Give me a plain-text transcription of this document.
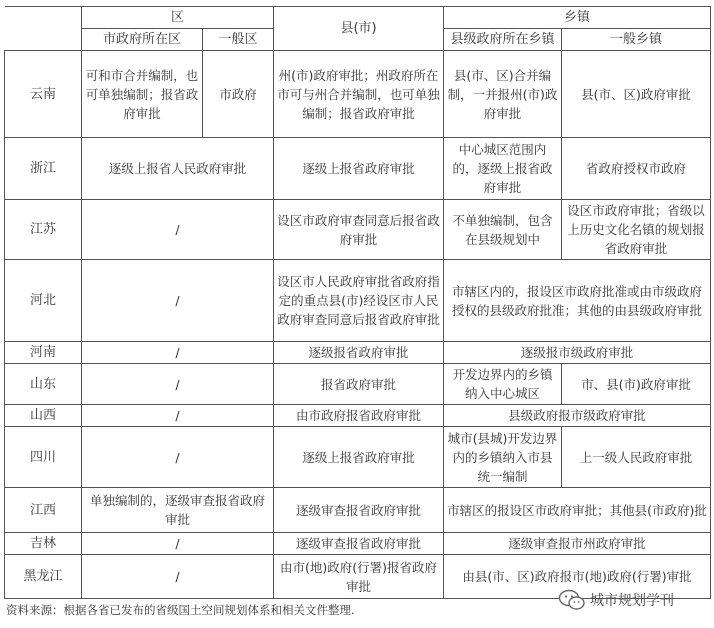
	区		县(市)	乡镇	
	市政府所在区	一般区		县级政府所在乡镇	一般乡镇
云南	可和市合并编制，也可单独编制；报省政府审批	市政府	州(市)政府审批；州政府所在市可与州合并编制，也可单独编制；报省政府审批	县(市、区)合并编制，一并报州(市)政府审批	县(市、区)政府审批
浙江	逐级上报省人民政府审批		逐级上报省政府审批	中心城区范围内的，逐级上报省政府审批	省政府授权市政府
江苏	/		设区市政府审查同意后报省政府审批	不单独编制，包含在县级规划中	设区市政府审批；省级以上历史文化名镇的规划报省政府审批
河北	/		设区市人民政府审批省政府指定的重点县(市)经设区市人民政府审查同意后报省政府审批	市辖区内的，报设区市政府批准或由市级政府授权的县级政府批准；其他的由县级政府审批	
河南	/		逐级报省政府审批	逐级报市级政府审批	
山东	/		报省政府审批	开发边界内的乡镇纳入中心城区	市、县(市)政府审批
山西	/		由市政府报省政府审批	县级政府报市级政府审批	
四川	/		逐级上报省政府审批	城市(县城)开发边界内的乡镇纳入市县统一编制	上一级人民政府审批
江西	单独编制的，逐级审查报省政府审批		逐级审查报省政府审批	市辖区的报设区市政府审批；其他县(市政府)批	
吉林	/		逐级审查报省政府审批	逐级审查报市州政府审批	
黑龙江	/		由市(地)政府(行署)报省政府审批	由县(市、区)政府报市(地)政府(行署)审批	
资料来源：根据各省已发布的省级国土空间规划体系和相关文件整理.
城市规划学刊
